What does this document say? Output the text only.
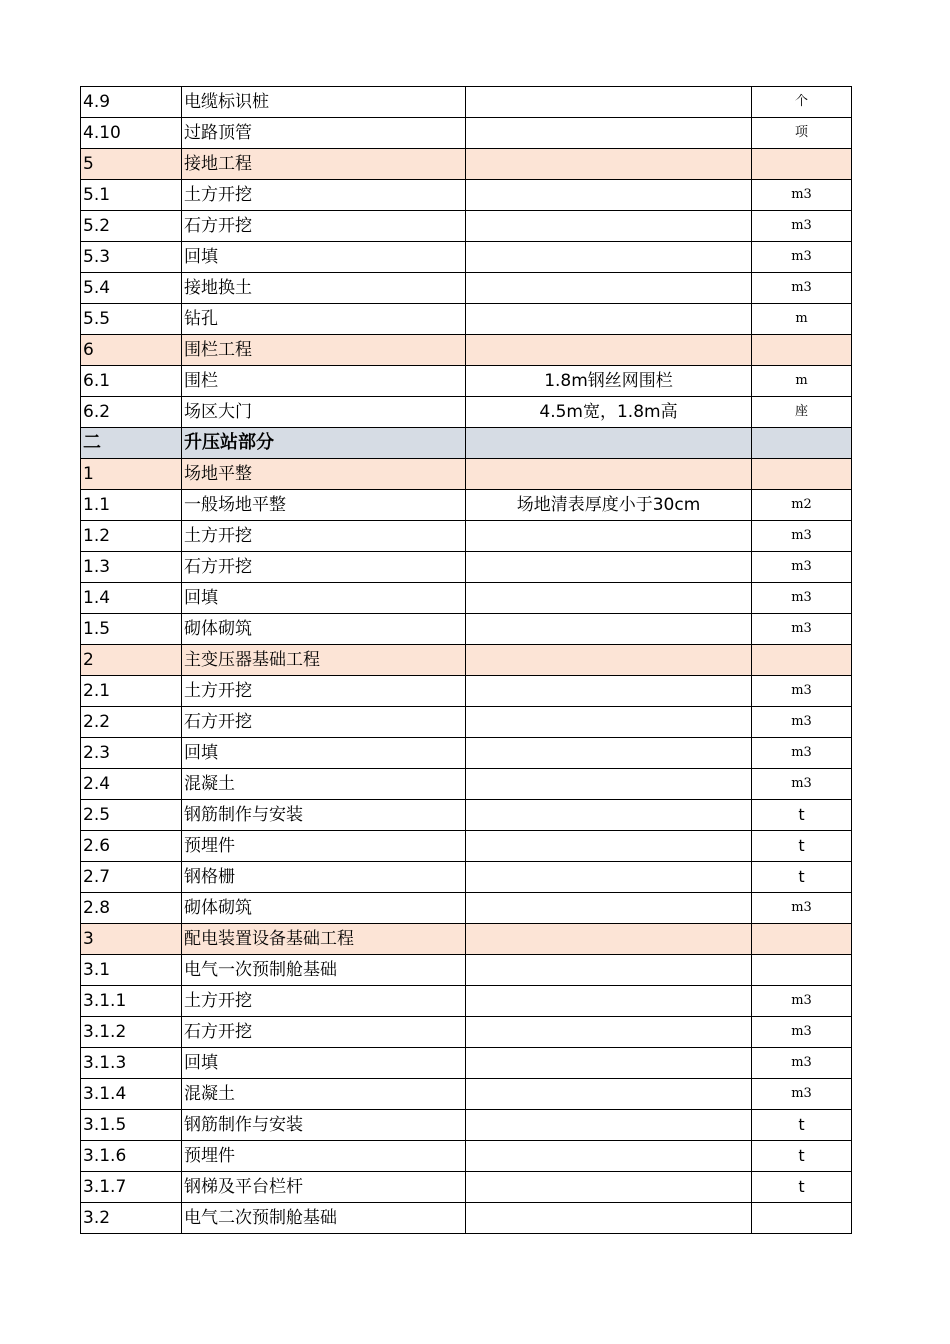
4.9	电缆标识桩		个
4.10	过路顶管		项
5	接地工程		
5.1	土方开挖		m3
5.2	石方开挖		m3
5.3	回填		m3
5.4	接地换土		m3
5.5	钻孔		m
6	围栏工程		
6.1	围栏	1.8m钢丝网围栏	m
6.2	场区大门	4.5m宽，1.8m高	座
二	升压站部分		
1	场地平整		
1.1	一般场地平整	场地清表厚度小于30cm	m2
1.2	土方开挖		m3
1.3	石方开挖		m3
1.4	回填		m3
1.5	砌体砌筑		m3
2	主变压器基础工程		
2.1	土方开挖		m3
2.2	石方开挖		m3
2.3	回填		m3
2.4	混凝土		m3
2.5	钢筋制作与安装		t
2.6	预埋件		t
2.7	钢格栅		t
2.8	砌体砌筑		m3
3	配电装置设备基础工程		
3.1	电气一次预制舱基础		
3.1.1	土方开挖		m3
3.1.2	石方开挖		m3
3.1.3	回填		m3
3.1.4	混凝土		m3
3.1.5	钢筋制作与安装		t
3.1.6	预埋件		t
3.1.7	钢梯及平台栏杆		t
3.2	电气二次预制舱基础		
